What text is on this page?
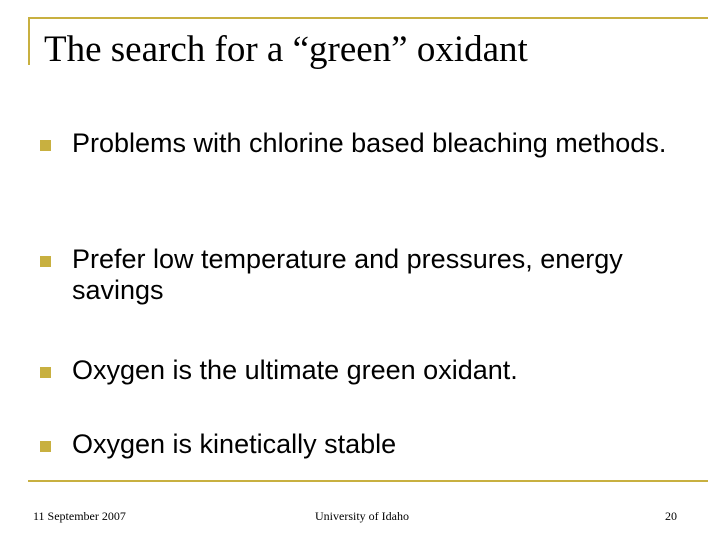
The search for a “green” oxidant
Problems with chlorine based bleaching methods.
Prefer low temperature and pressures, energy savings
Oxygen is the ultimate green oxidant.
Oxygen is kinetically stable
11 September 2007	University of Idaho	20
